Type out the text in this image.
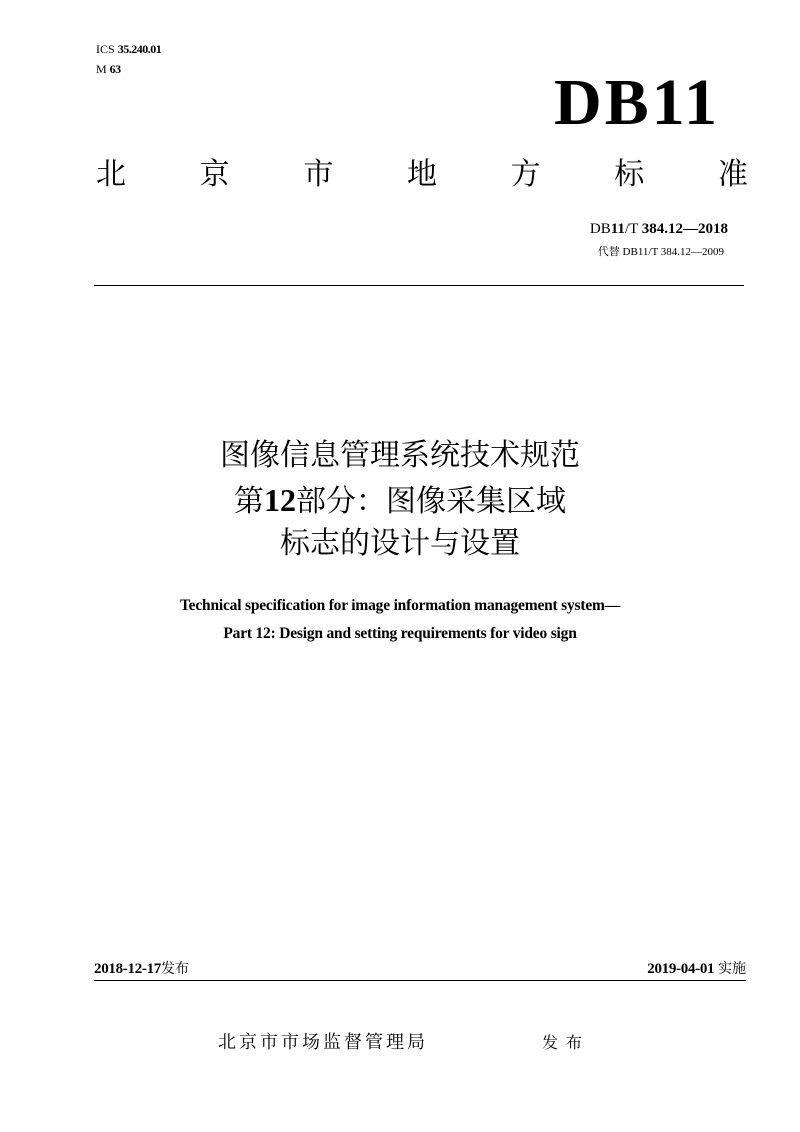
ICS 35.240.01
M 63	DB11
北 京 市 地 方 标 准
DB11/T 384.12—2018
代替 DB11/T 384.12—2009
图像信息管理系统技术规范
第12部分：图像采集区域
标志的设计与设置
Technical specification for image information management system—
Part 12: Design and setting requirements for video sign
2018-12-17发布	2019-04-01 实施
北京市市场监督管理局	发布
